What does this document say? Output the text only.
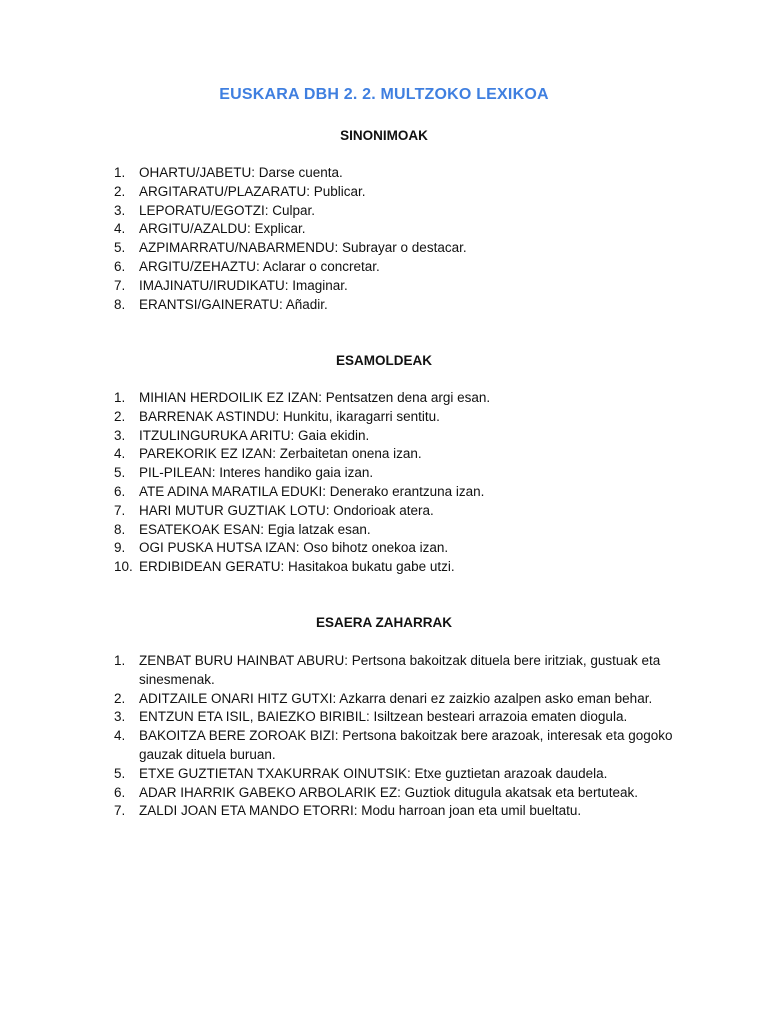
EUSKARA DBH 2. 2. MULTZOKO LEXIKOA
SINONIMOAK
1.	OHARTU/JABETU: Darse cuenta.
2.	ARGITARATU/PLAZARATU: Publicar.
3.	LEPORATU/EGOTZI: Culpar.
4.	ARGITU/AZALDU: Explicar.
5.	AZPIMARRATU/NABARMENDU: Subrayar o destacar.
6.	ARGITU/ZEHAZTU: Aclarar o concretar.
7.	IMAJINATU/IRUDIKATU: Imaginar.
8.	ERANTSI/GAINERATU: Añadir.
ESAMOLDEAK
1.	MIHIAN HERDOILIK EZ IZAN: Pentsatzen dena argi esan.
2.	BARRENAK ASTINDU: Hunkitu, ikaragarri sentitu.
3.	ITZULINGURUKA ARITU: Gaia ekidin.
4.	PAREKORIK EZ IZAN: Zerbaitetan onena izan.
5.	PIL-PILEAN: Interes handiko gaia izan.
6.	ATE ADINA MARATILA EDUKI: Denerako erantzuna izan.
7.	HARI MUTUR GUZTIAK LOTU: Ondorioak atera.
8.	ESATEKOAK ESAN: Egia latzak esan.
9.	OGI PUSKA HUTSA IZAN: Oso bihotz onekoa izan.
10. ERDIBIDEAN GERATU: Hasitakoa bukatu gabe utzi.
ESAERA ZAHARRAK
1.	ZENBAT BURU HAINBAT ABURU: Pertsona bakoitzak dituela bere iritziak, gustuak eta sinesmenak.
2.	ADITZAILE ONARI HITZ GUTXI: Azkarra denari ez zaizkio azalpen asko eman behar.
3.	ENTZUN ETA ISIL, BAIEZKO BIRIBIL: Isiltzean besteari arrazoia ematen diogula.
4.	BAKOITZA BERE ZOROAK BIZI: Pertsona bakoitzak bere arazoak, interesak eta gogoko gauzak dituela buruan.
5.	ETXE GUZTIETAN TXAKURRAK OINUTSIK: Etxe guztietan arazoak daudela.
6.	ADAR IHARRIK GABEKO ARBOLARIK EZ: Guztiok ditugula akatsak eta bertuteak.
7.	ZALDI JOAN ETA MANDO ETORRI: Modu harroan joan eta umil bueltatu.
